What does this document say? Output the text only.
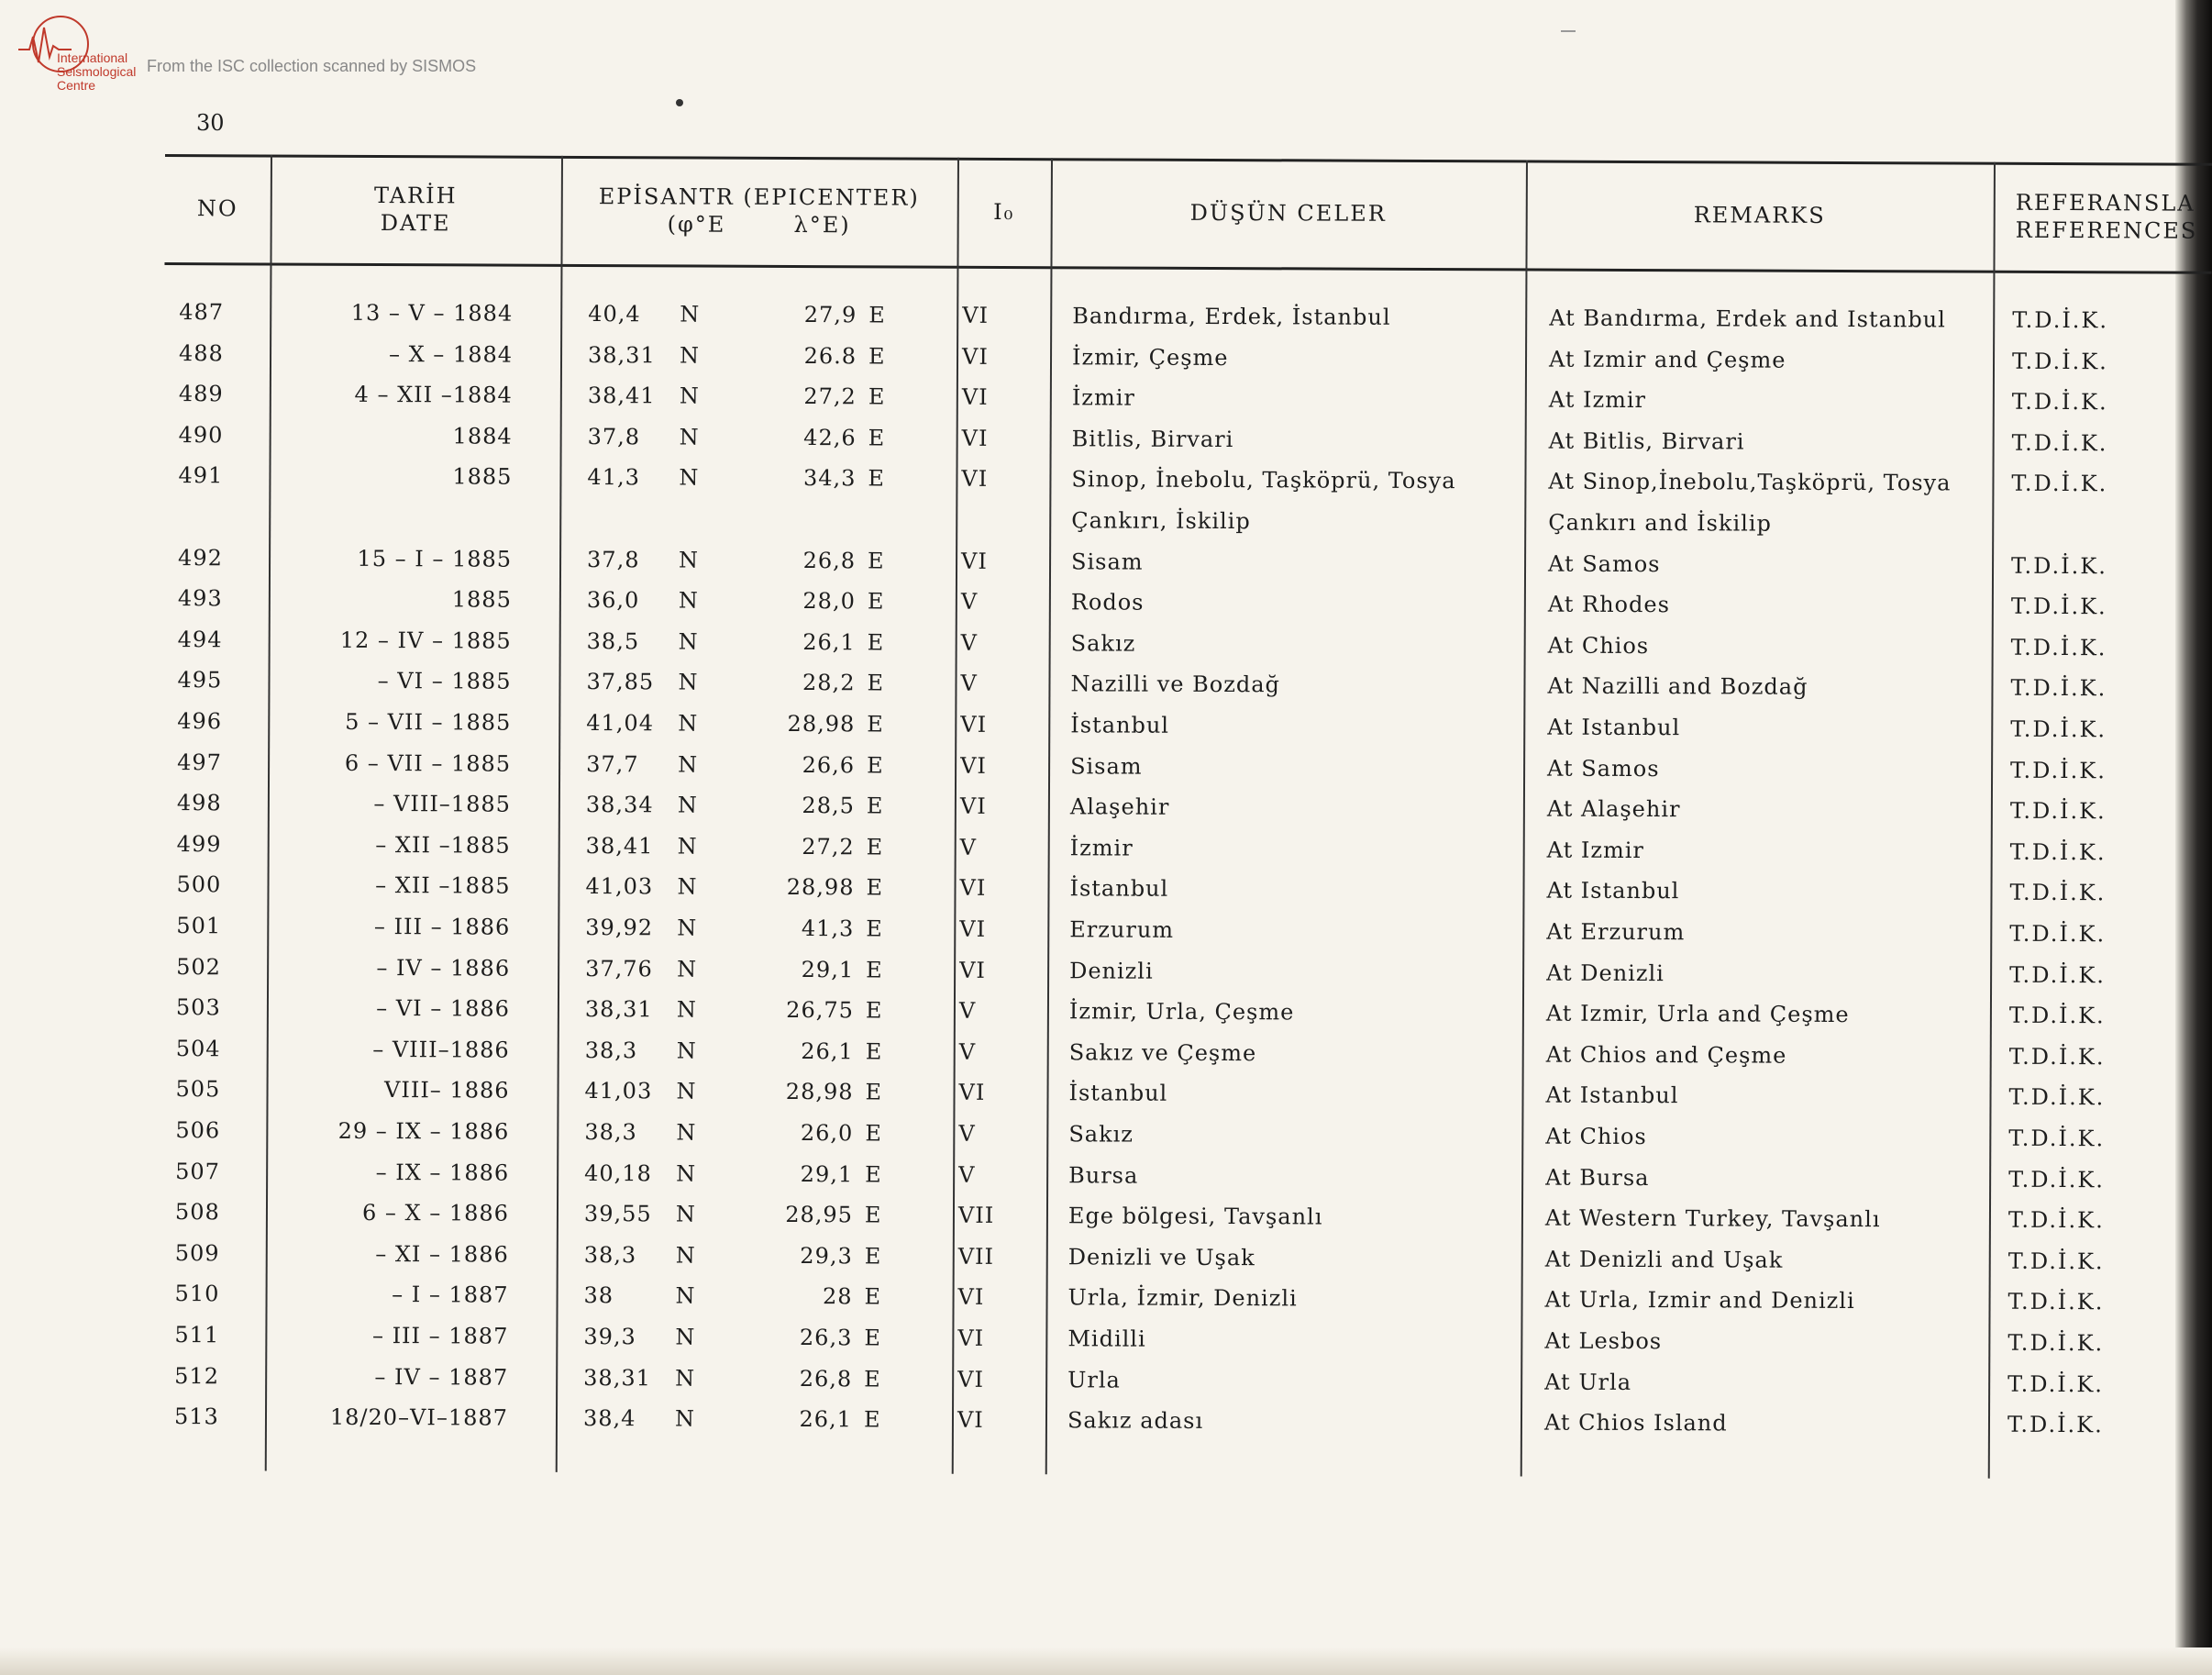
International
Seismological
Centre
From the ISC collection scanned by SISMOS
30
NO	TARİH
DATE
EPİSANTR (EPICENTER)
(φ°E	λ°E)
I₀	DÜŞÜN CELER	REMARKS	REFERANSLA
REFERENCES
487	13 – V – 1884	40,4	N	27,9 E	VI	Bandırma, Erdek, İstanbul	At Bandırma, Erdek and Istanbul	T.D.İ.K.
488	– X – 1884	38,31 N	26.8 E	VI	İzmir, Çeşme	At Izmir and Çeşme	T.D.İ.K.
489	4 – XII –1884	38,41 N	27,2 E	VI	İzmir	At Izmir	T.D.İ.K.
490	1884	37,8	N	42,6 E	VI	Bitlis, Birvari	At Bitlis, Birvari	T.D.İ.K.
491	1885	41,3	N	34,3 E	VI	Sinop, İnebolu, Taşköprü, Tosya	At Sinop,İnebolu,Taşköprü, Tosya	T.D.İ.K.
Çankırı, İskilip	Çankırı and İskilip
492	15 – I – 1885	37,8	N	26,8 E	VI	Sisam	At Samos	T.D.İ.K.
493	1885	36,0	N	28,0 E	V	Rodos	At Rhodes	T.D.İ.K.
494	12 – IV – 1885	38,5	N	26,1 E	V	Sakız	At Chios	T.D.İ.K.
495	– VI – 1885	37,85 N	28,2 E	V	Nazilli ve Bozdağ	At Nazilli and Bozdağ	T.D.İ.K.
496	5 – VII – 1885	41,04 N	28,98 E	VI	İstanbul	At Istanbul	T.D.İ.K.
497	6 – VII – 1885	37,7	N	26,6 E	VI	Sisam	At Samos	T.D.İ.K.
498	– VIII–1885	38,34 N	28,5 E	VI	Alaşehir	At Alaşehir	T.D.İ.K.
499	– XII –1885	38,41 N	27,2 E	V	İzmir	At Izmir	T.D.İ.K.
500	– XII –1885	41,03 N	28,98 E	VI	İstanbul	At Istanbul	T.D.İ.K.
501	– III – 1886	39,92 N	41,3 E	VI	Erzurum	At Erzurum	T.D.İ.K.
502	– IV – 1886	37,76 N	29,1 E	VI	Denizli	At Denizli	T.D.İ.K.
503	– VI – 1886	38,31 N	26,75 E	V	İzmir, Urla, Çeşme	At Izmir, Urla and Çeşme	T.D.İ.K.
504	– VIII–1886	38,3	N	26,1 E	V	Sakız ve Çeşme	At Chios and Çeşme	T.D.İ.K.
505	VIII– 1886	41,03 N	28,98 E	VI	İstanbul	At Istanbul	T.D.İ.K.
506	29 – IX – 1886	38,3	N	26,0 E	V	Sakız	At Chios	T.D.İ.K.
507	– IX – 1886	40,18 N	29,1 E	V	Bursa	At Bursa	T.D.İ.K.
508	6 – X – 1886	39,55 N	28,95 E	VII	Ege bölgesi, Tavşanlı	At Western Turkey, Tavşanlı	T.D.İ.K.
509	– XI – 1886	38,3	N	29,3 E	VII	Denizli ve Uşak	At Denizli and Uşak	T.D.İ.K.
510	– I – 1887	38	N	28 E	VI	Urla, İzmir, Denizli	At Urla, Izmir and Denizli	T.D.İ.K.
511	– III – 1887	39,3	N	26,3 E	VI	Midilli	At Lesbos	T.D.İ.K.
512	– IV – 1887	38,31 N	26,8 E	VI	Urla	At Urla	T.D.İ.K.
513	18/20–VI–1887	38,4	N	26,1 E	VI	Sakız adası	At Chios Island	T.D.İ.K.
